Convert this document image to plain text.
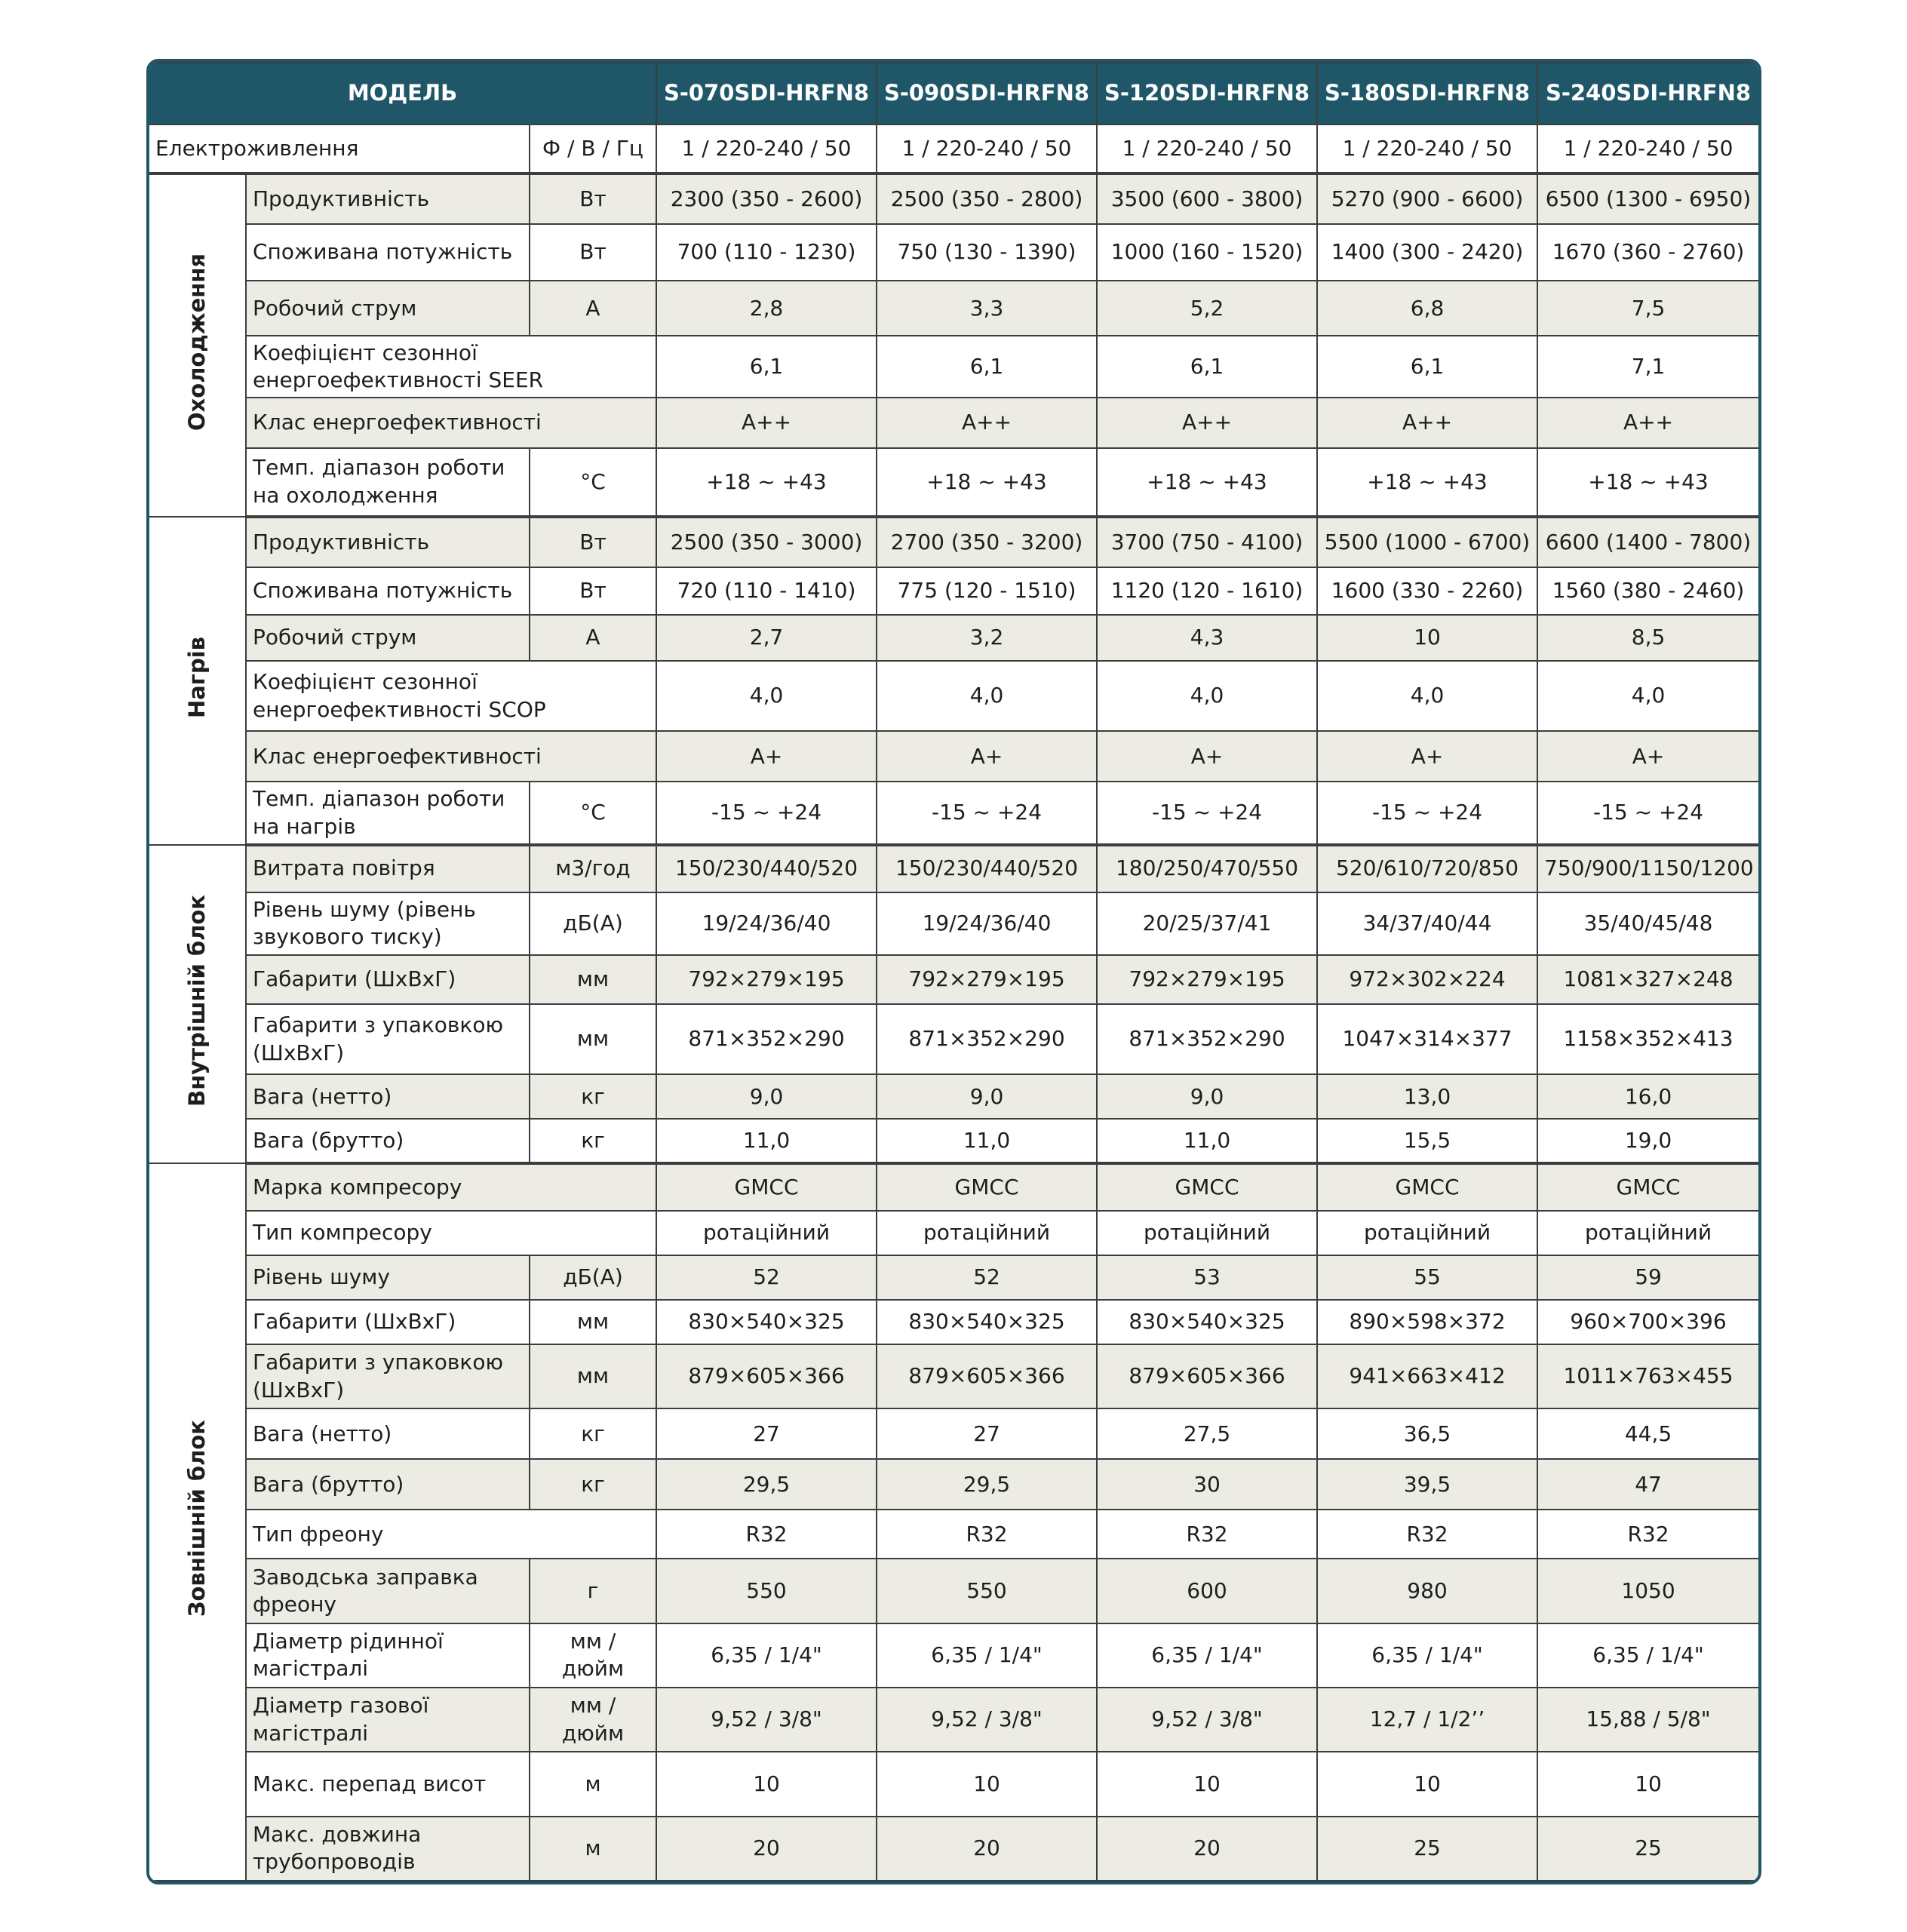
МОДЕЛЬ			S-070SDI-HRFN8	S-090SDI-HRFN8	S-120SDI-HRFN8	S-180SDI-HRFN8	S-240SDI-HRFN8
Електроживлення		Ф / В / Гц	1 / 220-240 / 50	1 / 220-240 / 50	1 / 220-240 / 50	1 / 220-240 / 50	1 / 220-240 / 50
Охолодження	Продуктивність	Вт	2300 (350 - 2600)	2500 (350 - 2800)	3500 (600 - 3800)	5270 (900 - 6600)	6500 (1300 - 6950)
	Споживана потужність	Вт	700 (110 - 1230)	750 (130 - 1390)	1000 (160 - 1520)	1400 (300 - 2420)	1670 (360 - 2760)
	Робочий струм	А	2,8	3,3	5,2	6,8	7,5
	Коефіцієнт сезонної енергоефективності SEER		6,1	6,1	6,1	6,1	7,1
	Клас енергоефективності		A++	A++	A++	A++	A++
	Темп. діапазон роботи на охолодження	°C	+18 ~ +43	+18 ~ +43	+18 ~ +43	+18 ~ +43	+18 ~ +43
Нагрів	Продуктивність	Вт	2500 (350 - 3000)	2700 (350 - 3200)	3700 (750 - 4100)	5500 (1000 - 6700)	6600 (1400 - 7800)
	Споживана потужність	Вт	720 (110 - 1410)	775 (120 - 1510)	1120 (120 - 1610)	1600 (330 - 2260)	1560 (380 - 2460)
	Робочий струм	А	2,7	3,2	4,3	10	8,5
	Коефіцієнт сезонної енергоефективності SCOP		4,0	4,0	4,0	4,0	4,0
	Клас енергоефективності		A+	A+	A+	A+	A+
	Темп. діапазон роботи на нагрів	°C	-15 ~ +24	-15 ~ +24	-15 ~ +24	-15 ~ +24	-15 ~ +24
Внутрішній блок	Витрата повітря	м3/год	150/230/440/520	150/230/440/520	180/250/470/550	520/610/720/850	750/900/1150/1200
	Рівень шуму (рівень звукового тиску)	дБ(А)	19/24/36/40	19/24/36/40	20/25/37/41	34/37/40/44	35/40/45/48
	Габарити (ШхВхГ)	мм	792×279×195	792×279×195	792×279×195	972×302×224	1081×327×248
	Габарити з упаковкою (ШхВхГ)	мм	871×352×290	871×352×290	871×352×290	1047×314×377	1158×352×413
	Вага (нетто)	кг	9,0	9,0	9,0	13,0	16,0
	Вага (брутто)	кг	11,0	11,0	11,0	15,5	19,0
Зовнішній блок	Марка компресору		GMCC	GMCC	GMCC	GMCC	GMCC
	Тип компресору		ротаційний	ротаційний	ротаційний	ротаційний	ротаційний
	Рівень шуму	дБ(А)	52	52	53	55	59
	Габарити (ШхВхГ)	мм	830×540×325	830×540×325	830×540×325	890×598×372	960×700×396
	Габарити з упаковкою (ШхВхГ)	мм	879×605×366	879×605×366	879×605×366	941×663×412	1011×763×455
	Вага (нетто)	кг	27	27	27,5	36,5	44,5
	Вага (брутто)	кг	29,5	29,5	30	39,5	47
	Тип фреону		R32	R32	R32	R32	R32
	Заводська заправка фреону	г	550	550	600	980	1050
	Діаметр рідинної магістралі	мм / дюйм	6,35 / 1/4"	6,35 / 1/4"	6,35 / 1/4"	6,35 / 1/4"	6,35 / 1/4"
	Діаметр газової магістралі	мм / дюйм	9,52 / 3/8"	9,52 / 3/8"	9,52 / 3/8"	12,7 / 1/2’’	15,88 / 5/8"
	Макс. перепад висот	м	10	10	10	10	10
	Макс. довжина трубопроводів	м	20	20	20	25	25
